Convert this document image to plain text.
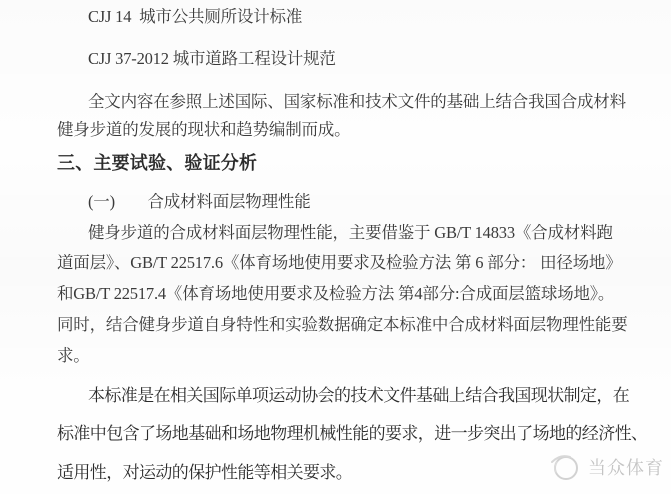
CJJ 14  城市公共厕所设计标准
CJJ 37-2012 城市道路工程设计规范
全文内容在参照上述国际、国家标准和技术文件的基础上结合我国合成材料
健身步道的发展的现状和趋势编制而成。
三、主要试验、验证分析
(一)　　合成材料面层物理性能
健身步道的合成材料面层物理性能，主要借鉴于 GB/T 14833《合成材料跑
道面层》、GB/T 22517.6《体育场地使用要求及检验方法 第 6 部分： 田径场地》
和GB/T 22517.4《体育场地使用要求及检验方法 第4部分:合成面层篮球场地》。
同时，结合健身步道自身特性和实验数据确定本标准中合成材料面层物理性能要
求。
本标准是在相关国际单项运动协会的技术文件基础上结合我国现状制定，在
标准中包含了场地基础和场地物理机械性能的要求，进一步突出了场地的经济性、
适用性，对运动的保护性能等相关要求。	当众体育
